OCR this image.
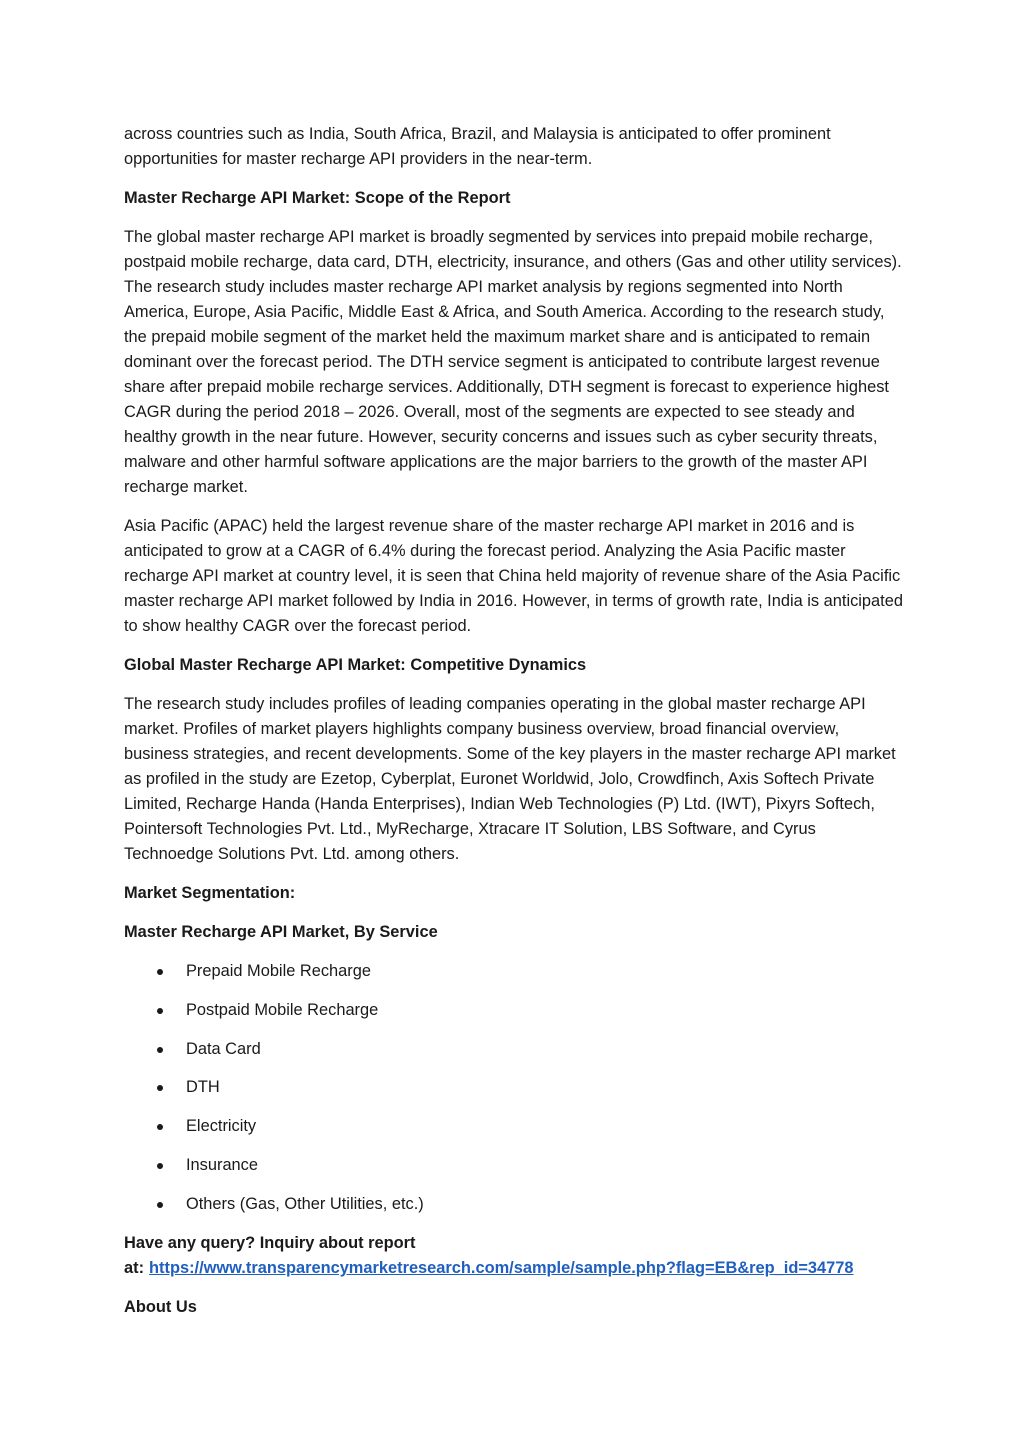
across countries such as India, South Africa, Brazil, and Malaysia is anticipated to offer prominent opportunities for master recharge API providers in the near-term.

Master Recharge API Market: Scope of the Report

The global master recharge API market is broadly segmented by services into prepaid mobile recharge, postpaid mobile recharge, data card, DTH, electricity, insurance, and others (Gas and other utility services). The research study includes master recharge API market analysis by regions segmented into North America, Europe, Asia Pacific, Middle East & Africa, and South America. According to the research study, the prepaid mobile segment of the market held the maximum market share and is anticipated to remain dominant over the forecast period. The DTH service segment is anticipated to contribute largest revenue share after prepaid mobile recharge services. Additionally, DTH segment is forecast to experience highest CAGR during the period 2018 – 2026. Overall, most of the segments are expected to see steady and healthy growth in the near future. However, security concerns and issues such as cyber security threats, malware and other harmful software applications are the major barriers to the growth of the master API recharge market.

Asia Pacific (APAC) held the largest revenue share of the master recharge API market in 2016 and is anticipated to grow at a CAGR of 6.4% during the forecast period. Analyzing the Asia Pacific master recharge API market at country level, it is seen that China held majority of revenue share of the Asia Pacific master recharge API market followed by India in 2016. However, in terms of growth rate, India is anticipated to show healthy CAGR over the forecast period.

Global Master Recharge API Market: Competitive Dynamics

The research study includes profiles of leading companies operating in the global master recharge API market. Profiles of market players highlights company business overview, broad financial overview, business strategies, and recent developments. Some of the key players in the master recharge API market as profiled in the study are Ezetop, Cyberplat, Euronet Worldwid, Jolo, Crowdfinch, Axis Softech Private Limited, Recharge Handa (Handa Enterprises), Indian Web Technologies (P) Ltd. (IWT), Pixyrs Softech, Pointersoft Technologies Pvt. Ltd., MyRecharge, Xtracare IT Solution, LBS Software, and Cyrus Technoedge Solutions Pvt. Ltd. among others.

Market Segmentation:

Master Recharge API Market, By Service

Prepaid Mobile Recharge
Postpaid Mobile Recharge
Data Card
DTH
Electricity
Insurance
Others (Gas, Other Utilities, etc.)
Have any query? Inquiry about report
at: https://www.transparencymarketresearch.com/sample/sample.php?flag=EB&rep_id=34778

About Us
